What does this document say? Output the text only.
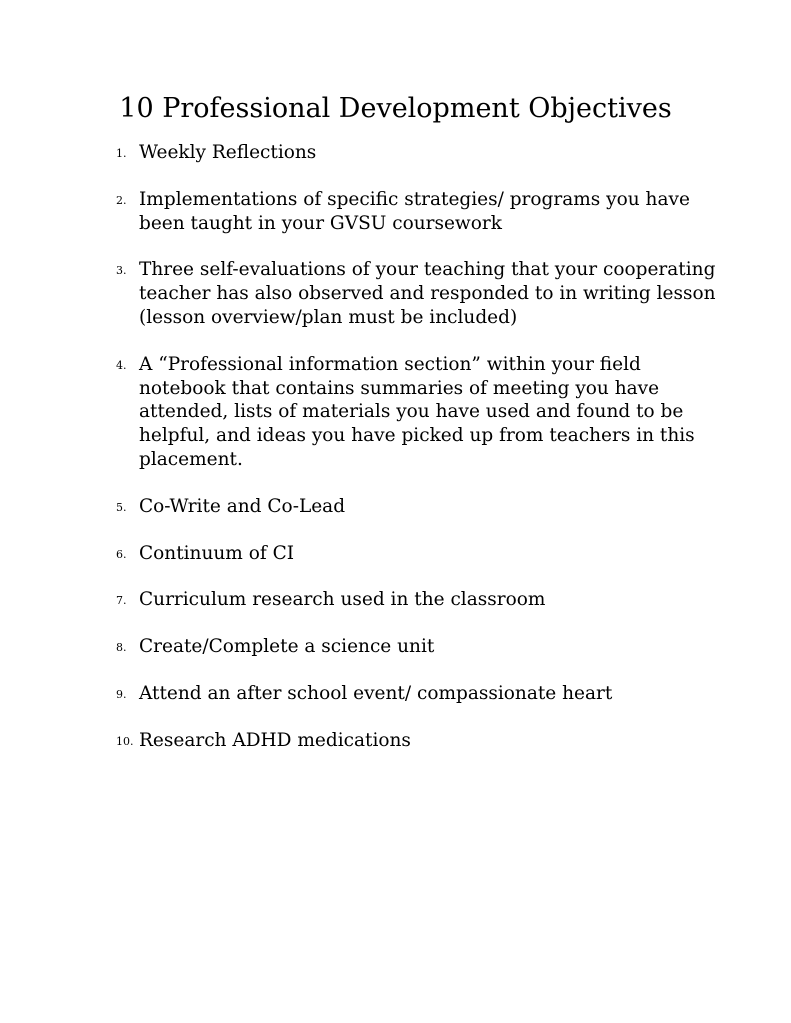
10 Professional Development Objectives
1. Weekly Reflections
2. Implementations of specific strategies/ programs you have been taught in your GVSU coursework
3. Three self-evaluations of your teaching that your cooperating teacher has also observed and responded to in writing lesson (lesson overview/plan must be included)
4. A “Professional information section” within your field notebook that contains summaries of meeting you have attended, lists of materials you have used and found to be helpful, and ideas you have picked up from teachers in this placement.
5. Co-Write and Co-Lead
6. Continuum of CI
7. Curriculum research used in the classroom
8. Create/Complete a science unit
9. Attend an after school event/ compassionate heart
10. Research ADHD medications
